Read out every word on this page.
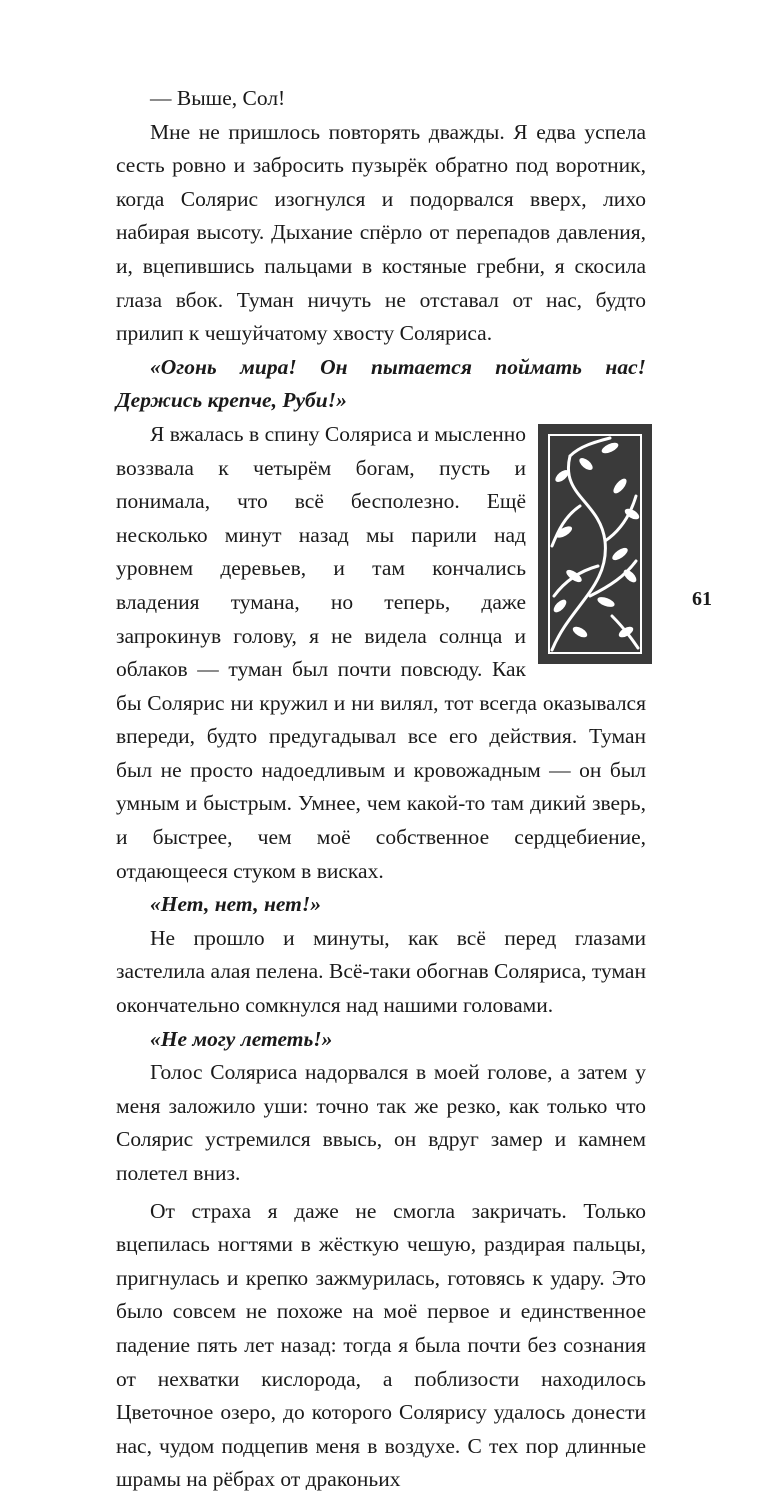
— Выше, Сол!

Мне не пришлось повторять дважды. Я едва успела сесть ровно и забросить пузырёк обратно под воротник, когда Солярис изогнулся и подорвался вверх, лихо набирая высоту. Дыхание спёрло от перепадов давления, и, вцепившись пальцами в костяные гребни, я скосила глаза вбок. Туман ничуть не отставал от нас, будто прилип к чешуйчатому хвосту Соляриса.

«Огонь мира! Он пытается поймать нас! Держись крепче, Руби!»

Я вжалась в спину Соляриса и мысленно воззвала к четырём богам, пусть и понимала, что всё бесполезно. Ещё несколько минут назад мы парили над уровнем деревьев, и там кончались владения тумана, но теперь, даже запрокинув голову, я не видела солнца и облаков — туман был почти повсюду. Как бы Солярис ни кружил и ни вилял, тот всегда оказывался впереди, будто предугадывал все его действия. Туман был не просто надоедливым и кровожадным — он был умным и быстрым. Умнее, чем какой-то там дикий зверь, и быстрее, чем моё собственное сердцебиение, отдающееся стуком в висках.

«Нет, нет, нет!»

Не прошло и минуты, как всё перед глазами застелила алая пелена. Всё-таки обогнав Соляриса, туман окончательно сомкнулся над нашими головами.

«Не могу лететь!»

Голос Соляриса надорвался в моей голове, а затем у меня заложило уши: точно так же резко, как только что Солярис устремился ввысь, он вдруг замер и камнем полетел вниз.

От страха я даже не смогла закричать. Только вцепилась ногтями в жёсткую чешую, раздирая пальцы, пригнулась и крепко зажмурилась, готовясь к удару. Это было совсем не похоже на моё первое и единственное падение пять лет назад: тогда я была почти без сознания от нехватки кислорода, а поблизости находилось Цветочное озеро, до которого Солярису удалось донести нас, чудом подцепив меня в воздухе. С тех пор длинные шрамы на рёбрах от драконьих

61
